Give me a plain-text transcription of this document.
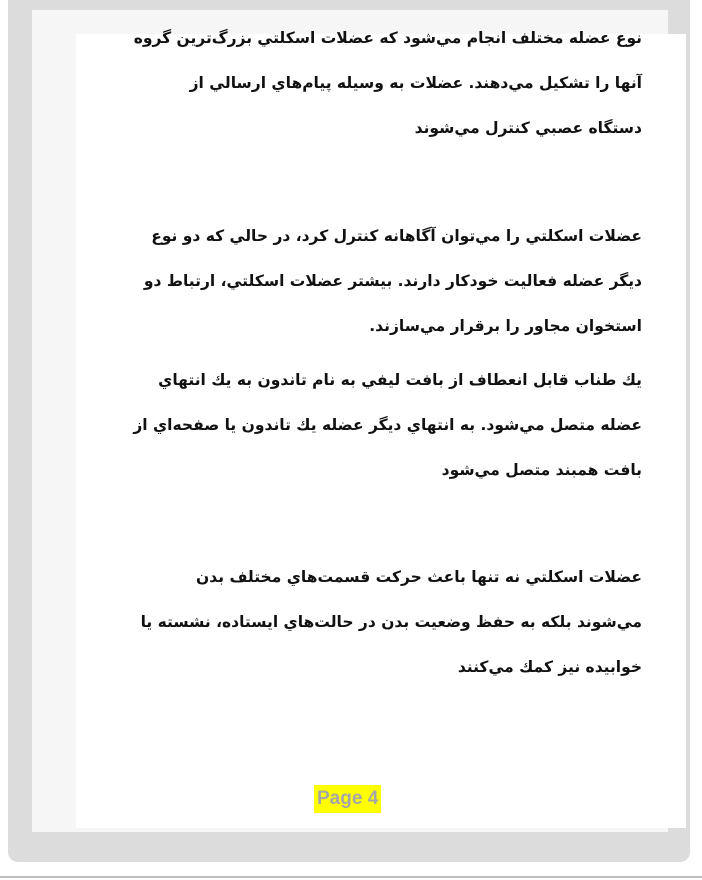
نوع عضله مختلف انجام مي‌شود كه عضلات اسكلتي بزرگ‌ترين گروه
آنها را تشكيل مي‌دهند. عضلات به وسيله پيام‌هاي ارسالي از
دستگاه عصبي كنترل مي‌شوند
عضلات اسكلتي را مي‌توان آگاهانه كنترل كرد، در حالي كه دو نوع
ديگر عضله فعاليت خودكار دارند. بيشتر عضلات اسكلتي، ارتباط دو
استخوان مجاور را برقرار مي‌سازند.
يك طناب قابل انعطاف از بافت ليفي به نام تاندون به يك انتهاي
عضله متصل مي‌شود. به انتهاي ديگر عضله يك تاندون يا صفحه‌اي از
بافت همبند متصل مي‌شود
عضلات اسكلتي نه تنها باعث حركت قسمت‌هاي مختلف بدن
مي‌شوند بلكه به حفظ وضعيت بدن در حالت‌هاي ايستاده، نشسته يا
خوابيده نيز كمك مي‌كنند
Page 4
